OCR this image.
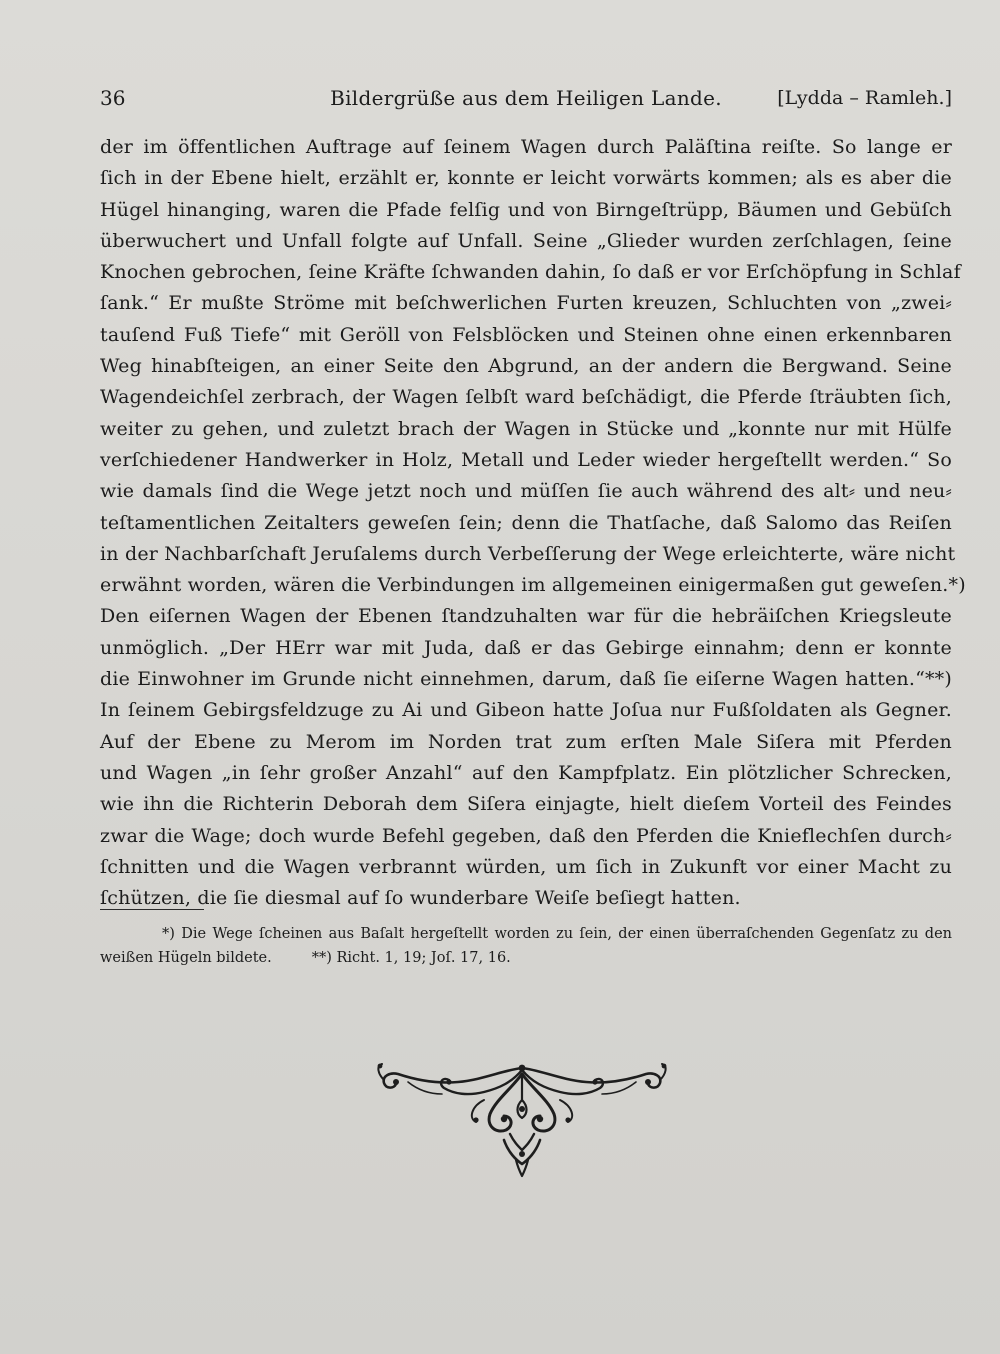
36	Bildergrüße aus dem Heiligen Lande.	[Lydda – Ramleh.]
der im öffentlichen Auftrage auf ſeinem Wagen durch Paläſtina reiſte. So lange er
ſich in der Ebene hielt, erzählt er, konnte er leicht vorwärts kommen; als es aber die
Hügel hinanging, waren die Pfade felſig und von Birngeſtrüpp, Bäumen und Gebüſch
überwuchert und Unfall folgte auf Unfall. Seine „Glieder wurden zerſchlagen, ſeine
Knochen gebrochen, ſeine Kräfte ſchwanden dahin, ſo daß er vor Erſchöpfung in Schlaf
ſank.“ Er mußte Ströme mit beſchwerlichen Furten kreuzen, Schluchten von „zwei⸗
tauſend Fuß Tiefe“ mit Geröll von Felsblöcken und Steinen ohne einen erkennbaren
Weg hinabſteigen, an einer Seite den Abgrund, an der andern die Bergwand. Seine
Wagendeichſel zerbrach, der Wagen ſelbſt ward beſchädigt, die Pferde ſträubten ſich,
weiter zu gehen, und zuletzt brach der Wagen in Stücke und „konnte nur mit Hülfe
verſchiedener Handwerker in Holz, Metall und Leder wieder hergeſtellt werden.“ So
wie damals ſind die Wege jetzt noch und müſſen ſie auch während des alt⸗ und neu⸗
teſtamentlichen Zeitalters geweſen ſein; denn die Thatſache, daß Salomo das Reiſen
in der Nachbarſchaft Jeruſalems durch Verbeſſerung der Wege erleichterte, wäre nicht
erwähnt worden, wären die Verbindungen im allgemeinen einigermaßen gut geweſen.*)
Den eiſernen Wagen der Ebenen ſtandzuhalten war für die hebräiſchen Kriegsleute
unmöglich. „Der HErr war mit Juda, daß er das Gebirge einnahm; denn er konnte
die Einwohner im Grunde nicht einnehmen, darum, daß ſie eiſerne Wagen hatten.“**)
In ſeinem Gebirgsfeldzuge zu Ai und Gibeon hatte Joſua nur Fußſoldaten als Gegner.
Auf der Ebene zu Merom im Norden trat zum erſten Male Siſera mit Pferden
und Wagen „in ſehr großer Anzahl“ auf den Kampfplatz. Ein plötzlicher Schrecken,
wie ihn die Richterin Deborah dem Siſera einjagte, hielt dieſem Vorteil des Feindes
zwar die Wage; doch wurde Befehl gegeben, daß den Pferden die Knieflechſen durch⸗
ſchnitten und die Wagen verbrannt würden, um ſich in Zukunft vor einer Macht zu
ſchützen, die ſie diesmal auf ſo wunderbare Weiſe beſiegt hatten.
*) Die Wege ſcheinen aus Baſalt hergeſtellt worden zu ſein, der einen überraſchenden Gegenſatz zu den
weißen Hügeln bildete.	**) Richt. 1, 19; Joſ. 17, 16.
